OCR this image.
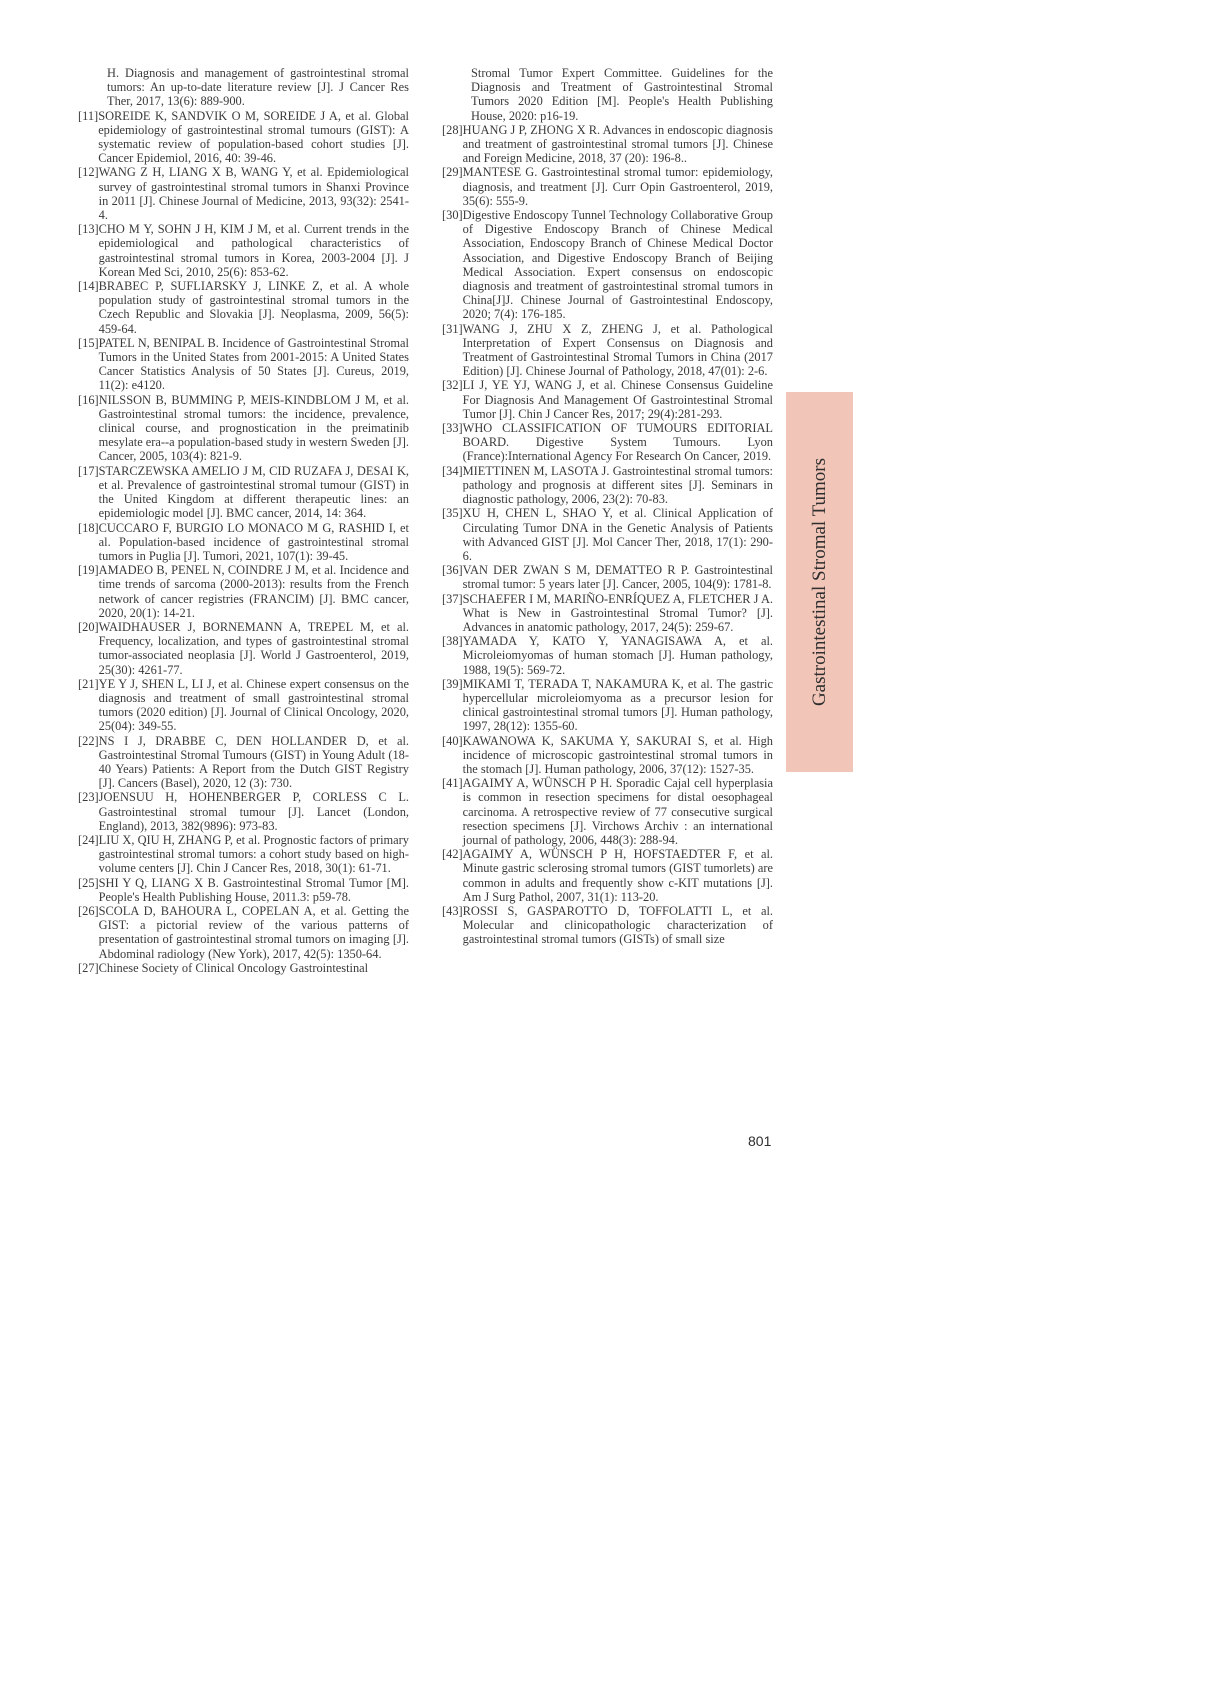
H. Diagnosis and management of gastrointestinal stromal tumors: An up-to-date literature review [J]. J Cancer Res Ther, 2017, 13(6): 889-900.
[11] SOREIDE K, SANDVIK O M, SOREIDE J A, et al. Global epidemiology of gastrointestinal stromal tumours (GIST): A systematic review of population-based cohort studies [J]. Cancer Epidemiol, 2016, 40: 39-46.
[12] WANG Z H, LIANG X B, WANG Y, et al. Epidemiological survey of gastrointestinal stromal tumors in Shanxi Province in 2011 [J]. Chinese Journal of Medicine, 2013, 93(32): 2541-4.
[13] CHO M Y, SOHN J H, KIM J M, et al. Current trends in the epidemiological and pathological characteristics of gastrointestinal stromal tumors in Korea, 2003-2004 [J]. J Korean Med Sci, 2010, 25(6): 853-62.
[14] BRABEC P, SUFLIARSKY J, LINKE Z, et al. A whole population study of gastrointestinal stromal tumors in the Czech Republic and Slovakia [J]. Neoplasma, 2009, 56(5): 459-64.
[15] PATEL N, BENIPAL B. Incidence of Gastrointestinal Stromal Tumors in the United States from 2001-2015: A United States Cancer Statistics Analysis of 50 States [J]. Cureus, 2019, 11(2): e4120.
[16] NILSSON B, BUMMING P, MEIS-KINDBLOM J M, et al. Gastrointestinal stromal tumors: the incidence, prevalence, clinical course, and prognostication in the preimatinib mesylate era--a population-based study in western Sweden [J]. Cancer, 2005, 103(4): 821-9.
[17] STARCZEWSKA AMELIO J M, CID RUZAFA J, DESAI K, et al. Prevalence of gastrointestinal stromal tumour (GIST) in the United Kingdom at different therapeutic lines: an epidemiologic model [J]. BMC cancer, 2014, 14: 364.
[18] CUCCARO F, BURGIO LO MONACO M G, RASHID I, et al. Population-based incidence of gastrointestinal stromal tumors in Puglia [J]. Tumori, 2021, 107(1): 39-45.
[19] AMADEO B, PENEL N, COINDRE J M, et al. Incidence and time trends of sarcoma (2000-2013): results from the French network of cancer registries (FRANCIM) [J]. BMC cancer, 2020, 20(1): 14-21.
[20] WAIDHAUSER J, BORNEMANN A, TREPEL M, et al. Frequency, localization, and types of gastrointestinal stromal tumor-associated neoplasia [J]. World J Gastroenterol, 2019, 25(30): 4261-77.
[21] YE Y J, SHEN L, LI J, et al. Chinese expert consensus on the diagnosis and treatment of small gastrointestinal stromal tumors (2020 edition) [J]. Journal of Clinical Oncology, 2020, 25(04): 349-55.
[22] NS I J, DRABBE C, DEN HOLLANDER D, et al. Gastrointestinal Stromal Tumours (GIST) in Young Adult (18-40 Years) Patients: A Report from the Dutch GIST Registry [J]. Cancers (Basel), 2020, 12 (3): 730.
[23] JOENSUU H, HOHENBERGER P, CORLESS C L. Gastrointestinal stromal tumour [J]. Lancet (London, England), 2013, 382(9896): 973-83.
[24] LIU X, QIU H, ZHANG P, et al. Prognostic factors of primary gastrointestinal stromal tumors: a cohort study based on high-volume centers [J]. Chin J Cancer Res, 2018, 30(1): 61-71.
[25] SHI Y Q, LIANG X B. Gastrointestinal Stromal Tumor [M]. People's Health Publishing House, 2011.3: p59-78.
[26] SCOLA D, BAHOURA L, COPELAN A, et al. Getting the GIST: a pictorial review of the various patterns of presentation of gastrointestinal stromal tumors on imaging [J]. Abdominal radiology (New York), 2017, 42(5): 1350-64.
[27] Chinese Society of Clinical Oncology Gastrointestinal
Stromal Tumor Expert Committee. Guidelines for the Diagnosis and Treatment of Gastrointestinal Stromal Tumors 2020 Edition [M]. People's Health Publishing House, 2020: p16-19.
[28] HUANG J P, ZHONG X R. Advances in endoscopic diagnosis and treatment of gastrointestinal stromal tumors [J]. Chinese and Foreign Medicine, 2018, 37 (20): 196-8..
[29] MANTESE G. Gastrointestinal stromal tumor: epidemiology, diagnosis, and treatment [J]. Curr Opin Gastroenterol, 2019, 35(6): 555-9.
[30] Digestive Endoscopy Tunnel Technology Collaborative Group of Digestive Endoscopy Branch of Chinese Medical Association, Endoscopy Branch of Chinese Medical Doctor Association, and Digestive Endoscopy Branch of Beijing Medical Association. Expert consensus on endoscopic diagnosis and treatment of gastrointestinal stromal tumors in China[J]J. Chinese Journal of Gastrointestinal Endoscopy, 2020; 7(4): 176-185.
[31] WANG J, ZHU X Z, ZHENG J, et al. Pathological Interpretation of Expert Consensus on Diagnosis and Treatment of Gastrointestinal Stromal Tumors in China (2017 Edition) [J]. Chinese Journal of Pathology, 2018, 47(01): 2-6.
[32] LI J, YE YJ, WANG J, et al. Chinese Consensus Guideline For Diagnosis And Management Of Gastrointestinal Stromal Tumor [J]. Chin J Cancer Res, 2017; 29(4):281-293.
[33] WHO CLASSIFICATION OF TUMOURS EDITORIAL BOARD. Digestive System Tumours. Lyon (France):International Agency For Research On Cancer, 2019.
[34] MIETTINEN M, LASOTA J. Gastrointestinal stromal tumors: pathology and prognosis at different sites [J]. Seminars in diagnostic pathology, 2006, 23(2): 70-83.
[35] XU H, CHEN L, SHAO Y, et al. Clinical Application of Circulating Tumor DNA in the Genetic Analysis of Patients with Advanced GIST [J]. Mol Cancer Ther, 2018, 17(1): 290-6.
[36] VAN DER ZWAN S M, DEMATTEO R P. Gastrointestinal stromal tumor: 5 years later [J]. Cancer, 2005, 104(9): 1781-8.
[37] SCHAEFER I M, MARIÑO-ENRÍQUEZ A, FLETCHER J A. What is New in Gastrointestinal Stromal Tumor? [J]. Advances in anatomic pathology, 2017, 24(5): 259-67.
[38] YAMADA Y, KATO Y, YANAGISAWA A, et al. Microleiomyomas of human stomach [J]. Human pathology, 1988, 19(5): 569-72.
[39] MIKAMI T, TERADA T, NAKAMURA K, et al. The gastric hypercellular microleiomyoma as a precursor lesion for clinical gastrointestinal stromal tumors [J]. Human pathology, 1997, 28(12): 1355-60.
[40] KAWANOWA K, SAKUMA Y, SAKURAI S, et al. High incidence of microscopic gastrointestinal stromal tumors in the stomach [J]. Human pathology, 2006, 37(12): 1527-35.
[41] AGAIMY A, WÜNSCH P H. Sporadic Cajal cell hyperplasia is common in resection specimens for distal oesophageal carcinoma. A retrospective review of 77 consecutive surgical resection specimens [J]. Virchows Archiv : an international journal of pathology, 2006, 448(3): 288-94.
[42] AGAIMY A, WÜNSCH P H, HOFSTAEDTER F, et al. Minute gastric sclerosing stromal tumors (GIST tumorlets) are common in adults and frequently show c-KIT mutations [J]. Am J Surg Pathol, 2007, 31(1): 113-20.
[43] ROSSI S, GASPAROTTO D, TOFFOLATTI L, et al. Molecular and clinicopathologic characterization of gastrointestinal stromal tumors (GISTs) of small size
Gastrointestinal Stromal Tumors
801
